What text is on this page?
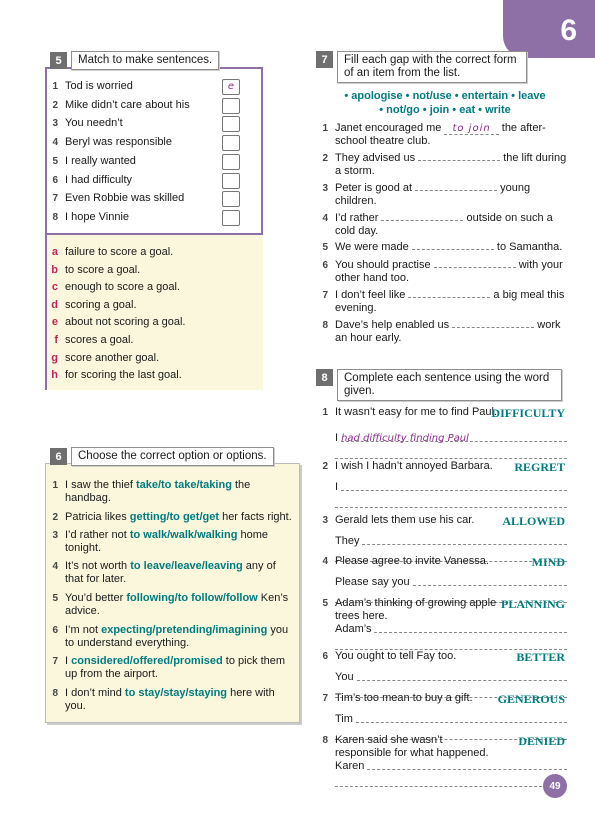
6
5	Match to make sentences.
1 Tod is worried	e
2 Mike didn’t care about his
3 You needn’t
4 Beryl was responsible
5 I really wanted
6 I had difficulty
7 Even Robbie was skilled
8 I hope Vinnie
a failure to score a goal.
b to score a goal.
c enough to score a goal.
d scoring a goal.
e about not scoring a goal.
f scores a goal.
g score another goal.
h for scoring the last goal.
6	Choose the correct option or options.
1 I saw the thief take/to take/taking the handbag.
2 Patricia likes getting/to get/get her facts right.
3 I’d rather not to walk/walk/walking home tonight.
4 It’s not worth to leave/leave/leaving any of that for later.
5 You’d better following/to follow/follow Ken’s advice.
6 I’m not expecting/pretending/imagining you to understand everything.
7 I considered/offered/promised to pick them up from the airport.
8 I don’t mind to stay/stay/staying here with you.
7	Fill each gap with the correct form of an item from the list.
• apologise • not/use • entertain • leave
• not/go • join • eat • write
1 Janet encouraged me to join the after-school theatre club.
2 They advised us	the lift during a storm.
3 Peter is good at	young children.
4 I’d rather	outside on such a cold day.
5 We were made	to Samantha.
6 You should practise	with your other hand too.
7 I don’t feel like	a big meal this evening.
8 Dave’s help enabled us	work an hour early.
8	Complete each sentence using the word given.
1 It wasn’t easy for me to find Paul.
DIFFICULTY
I had difficulty finding Paul
2 I wish I hadn’t annoyed Barbara.	REGRET
I
3 Gerald lets them use his car.	ALLOWED
They
4 Please agree to invite Vanessa.	MIND
Please say you
5 Adam’s thinking of growing apple trees here.
PLANNING
Adam’s
6 You ought to tell Fay too.	BETTER
You
7 Tim’s too mean to buy a gift.	GENEROUS
Tim
8 Karen said she wasn’t responsible for what happened.
DENIED
Karen
49
